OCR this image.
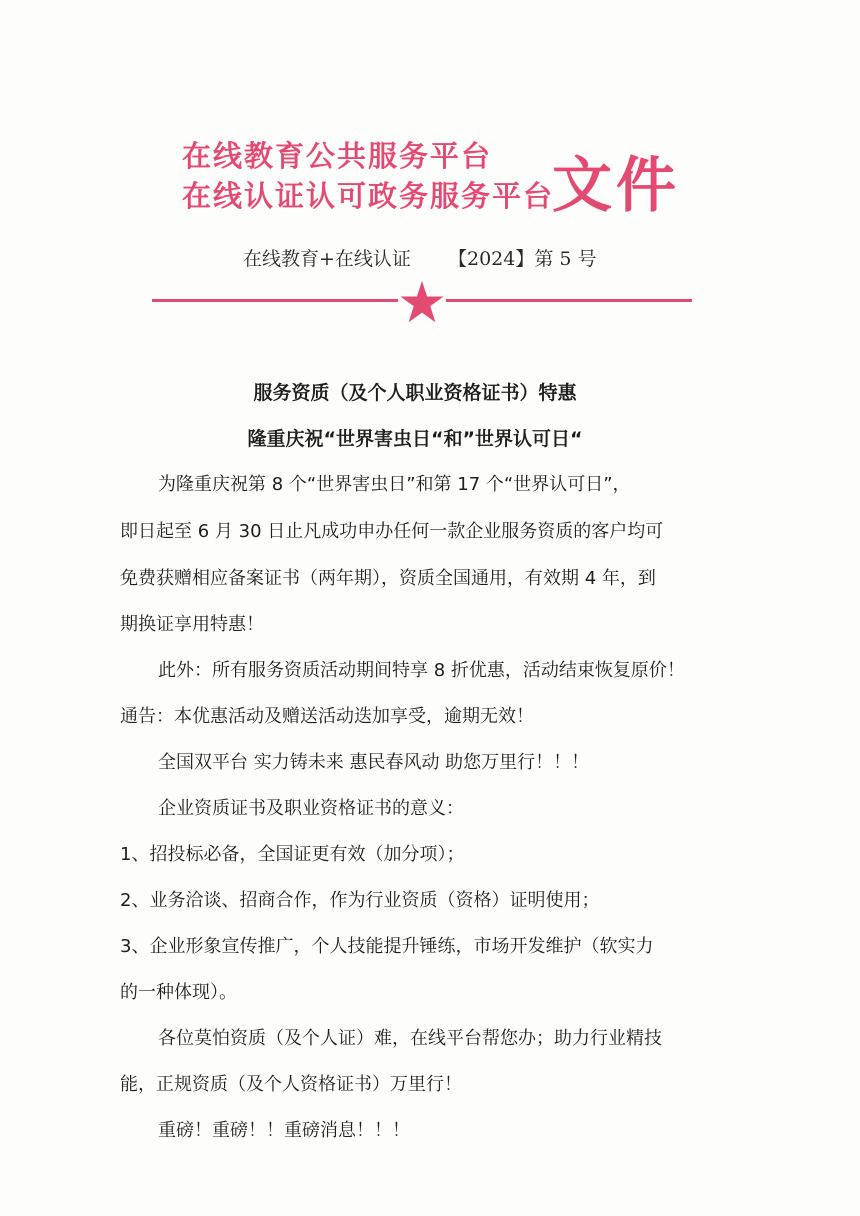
在线教育公共服务平台
在线认证认可政务服务平台
文件
在线教育+在线认证 【2024】第 5 号
服务资质（及个人职业资格证书）特惠
隆重庆祝“世界害虫日“和”世界认可日“
为隆重庆祝第 8 个“世界害虫日”和第 17 个“世界认可日”，
即日起至 6 月 30 日止凡成功申办任何一款企业服务资质的客户均可
免费获赠相应备案证书（两年期），资质全国通用，有效期 4 年，到
期换证享用特惠！
此外：所有服务资质活动期间特享 8 折优惠，活动结束恢复原价！
通告：本优惠活动及赠送活动迭加享受，逾期无效！
全国双平台 实力铸未来 惠民春风动 助您万里行！！！
企业资质证书及职业资格证书的意义：
1、招投标必备，全国证更有效（加分项）；
2、业务洽谈、招商合作，作为行业资质（资格）证明使用；
3、企业形象宣传推广，个人技能提升锤练，市场开发维护（软实力
的一种体现）。
各位莫怕资质（及个人证）难，在线平台帮您办；助力行业精技
能，正规资质（及个人资格证书）万里行！
重磅！重磅！！重磅消息！！！
